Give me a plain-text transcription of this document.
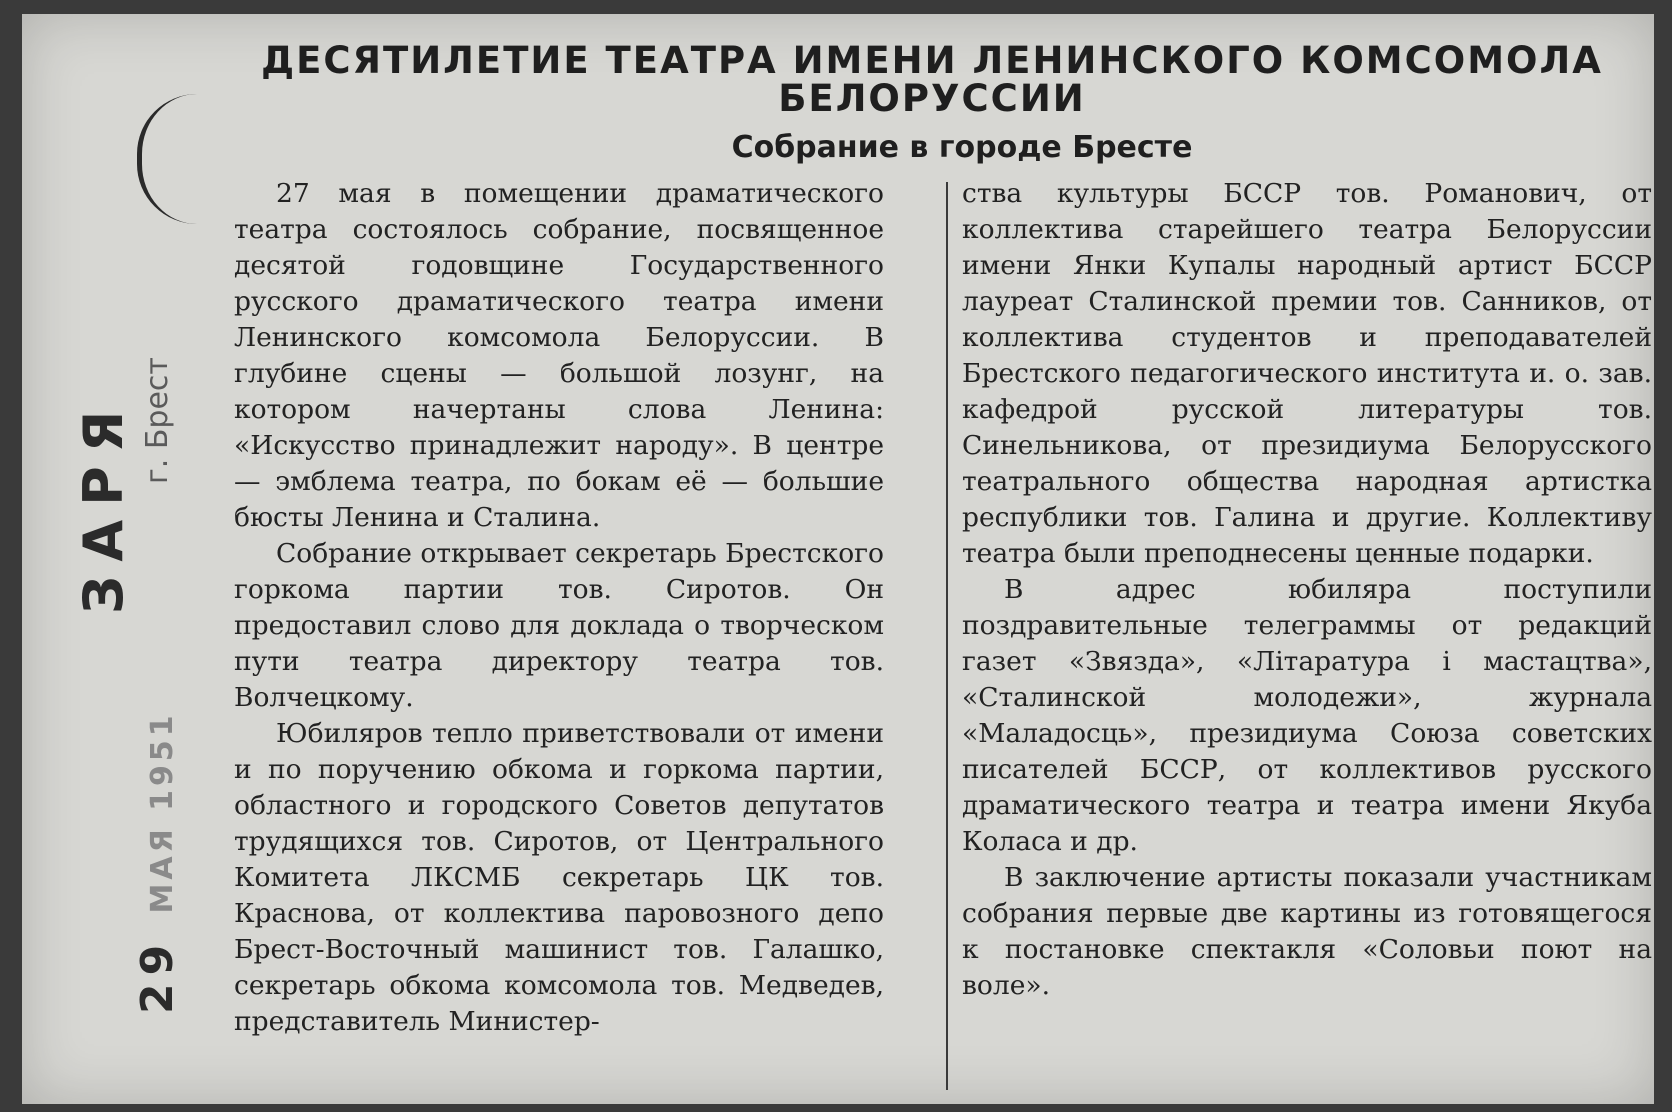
ЗАРЯ г. Брест
29 МАЯ 1951
ДЕСЯТИЛЕТИЕ ТЕАТРА ИМЕНИ ЛЕНИНСКОГО КОМСОМОЛА БЕЛОРУССИИ
Собрание в городе Бресте

27 мая в помещении драматического театра состоялось собрание, посвященное десятой годовщине Государственного русского драматического театра имени Ленинского комсомола Белоруссии. В глубине сцены — большой лозунг, на котором начертаны слова Ленина: «Искусство принадлежит народу». В центре — эмблема театра, по бокам её — большие бюсты Ленина и Сталина.

Собрание открывает секретарь Брестского горкома партии тов. Сиротов. Он предоставил слово для доклада о творческом пути театра директору театра тов. Волчецкому.

Юбиляров тепло приветствовали от имени и по поручению обкома и горкома партии, областного и городского Советов депутатов трудящихся тов. Сиротов, от Центрального Комитета ЛКСМБ секретарь ЦК тов. Краснова, от коллектива паровозного депо Брест-Восточный машинист тов. Галашко, секретарь обкома комсомола тов. Медведев, представитель Министер-

ства культуры БССР тов. Романович, от коллектива старейшего театра Белоруссии имени Янки Купалы народный артист БССР лауреат Сталинской премии тов. Санников, от коллектива студентов и преподавателей Брестского педагогического института и. о. зав. кафедрой русской литературы тов. Синельникова, от президиума Белорусского театрального общества народная артистка республики тов. Галина и другие. Коллективу театра были преподнесены ценные подарки.

В адрес юбиляра поступили поздравительные телеграммы от редакций газет «Звязда», «Літаратура і мастацтва», «Сталинской молодежи», журнала «Маладосць», президиума Союза советских писателей БССР, от коллективов русского драматического театра и театра имени Якуба Коласа и др.

В заключение артисты показали участникам собрания первые две картины из готовящегося к постановке спектакля «Соловьи поют на воле».
